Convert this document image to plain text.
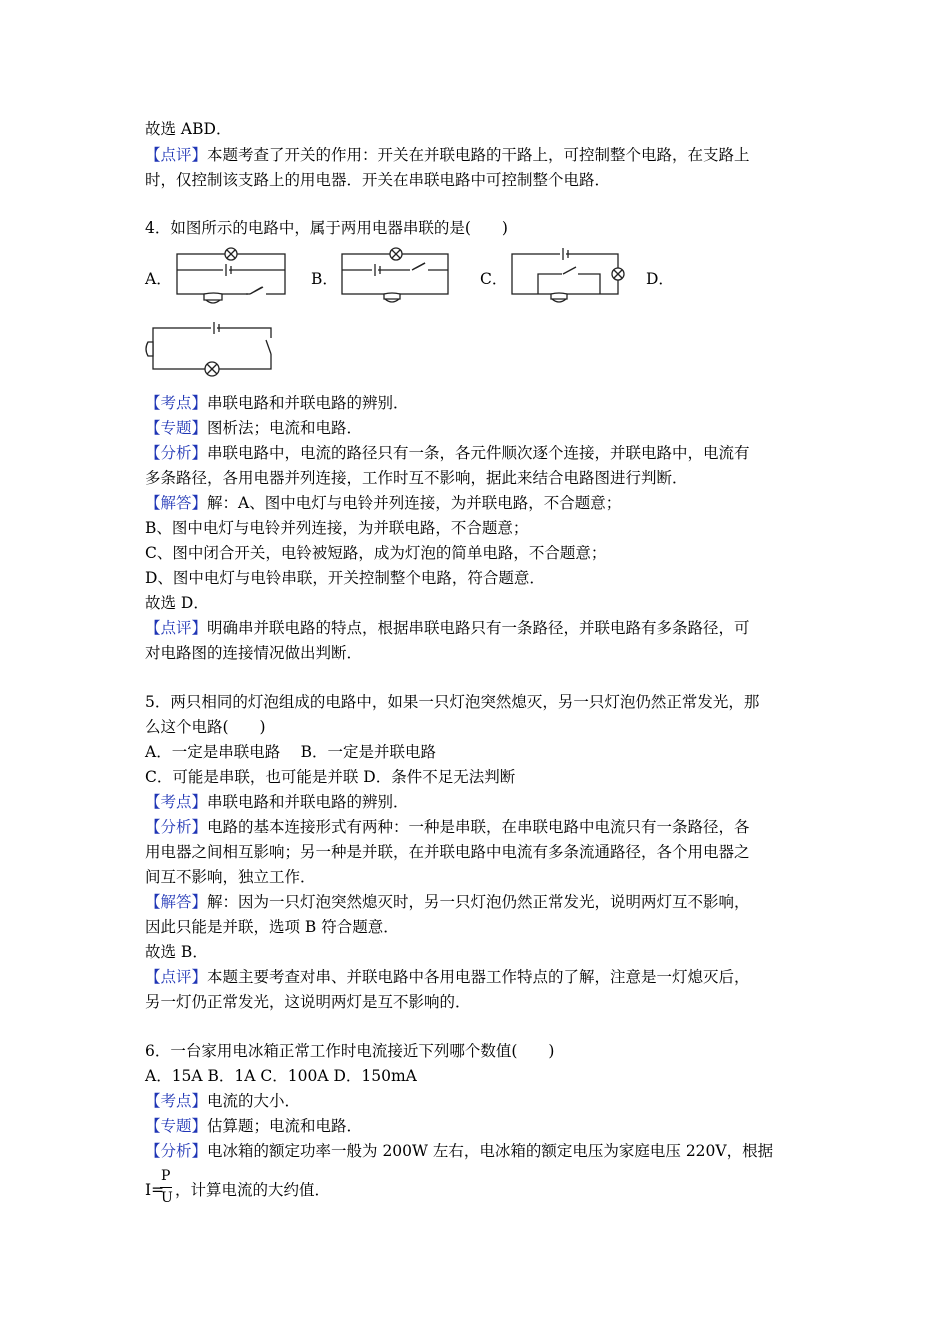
故选 ABD．
【点评】本题考查了开关的作用：开关在并联电路的干路上，可控制整个电路，在支路上
时，仅控制该支路上的用电器．开关在串联电路中可控制整个电路．
4．如图所示的电路中，属于两用电器串联的是(　　)
A．	B．	C．	D．
【考点】串联电路和并联电路的辨别．
【专题】图析法；电流和电路．
【分析】串联电路中，电流的路径只有一条，各元件顺次逐个连接，并联电路中，电流有
多条路径，各用电器并列连接，工作时互不影响，据此来结合电路图进行判断．
【解答】解：A、图中电灯与电铃并列连接，为并联电路，不合题意；
B、图中电灯与电铃并列连接，为并联电路，不合题意；
C、图中闭合开关，电铃被短路，成为灯泡的简单电路，不合题意；
D、图中电灯与电铃串联，开关控制整个电路，符合题意．
故选 D．
【点评】明确串并联电路的特点，根据串联电路只有一条路径，并联电路有多条路径，可
对电路图的连接情况做出判断．
5．两只相同的灯泡组成的电路中，如果一只灯泡突然熄灭，另一只灯泡仍然正常发光，那
么这个电路(　　)
A．一定是串联电路　 B．一定是并联电路
C．可能是串联，也可能是并联 D．条件不足无法判断
【考点】串联电路和并联电路的辨别．
【分析】电路的基本连接形式有两种：一种是串联，在串联电路中电流只有一条路径，各
用电器之间相互影响；另一种是并联，在并联电路中电流有多条流通路径，各个用电器之
间互不影响，独立工作．
【解答】解：因为一只灯泡突然熄灭时，另一只灯泡仍然正常发光，说明两灯互不影响，
因此只能是并联，选项 B 符合题意．
故选 B．
【点评】本题主要考查对串、并联电路中各用电器工作特点的了解，注意是一灯熄灭后，
另一灯仍正常发光，这说明两灯是互不影响的．
6．一台家用电冰箱正常工作时电流接近下列哪个数值(　　)
A．15A B．1A C．100A D．150mA
【考点】电流的大小．
【专题】估算题；电流和电路．
【分析】电冰箱的额定功率一般为 200W 左右，电冰箱的额定电压为家庭电压 220V，根据
I=
P
U ，计算电流的大约值．
